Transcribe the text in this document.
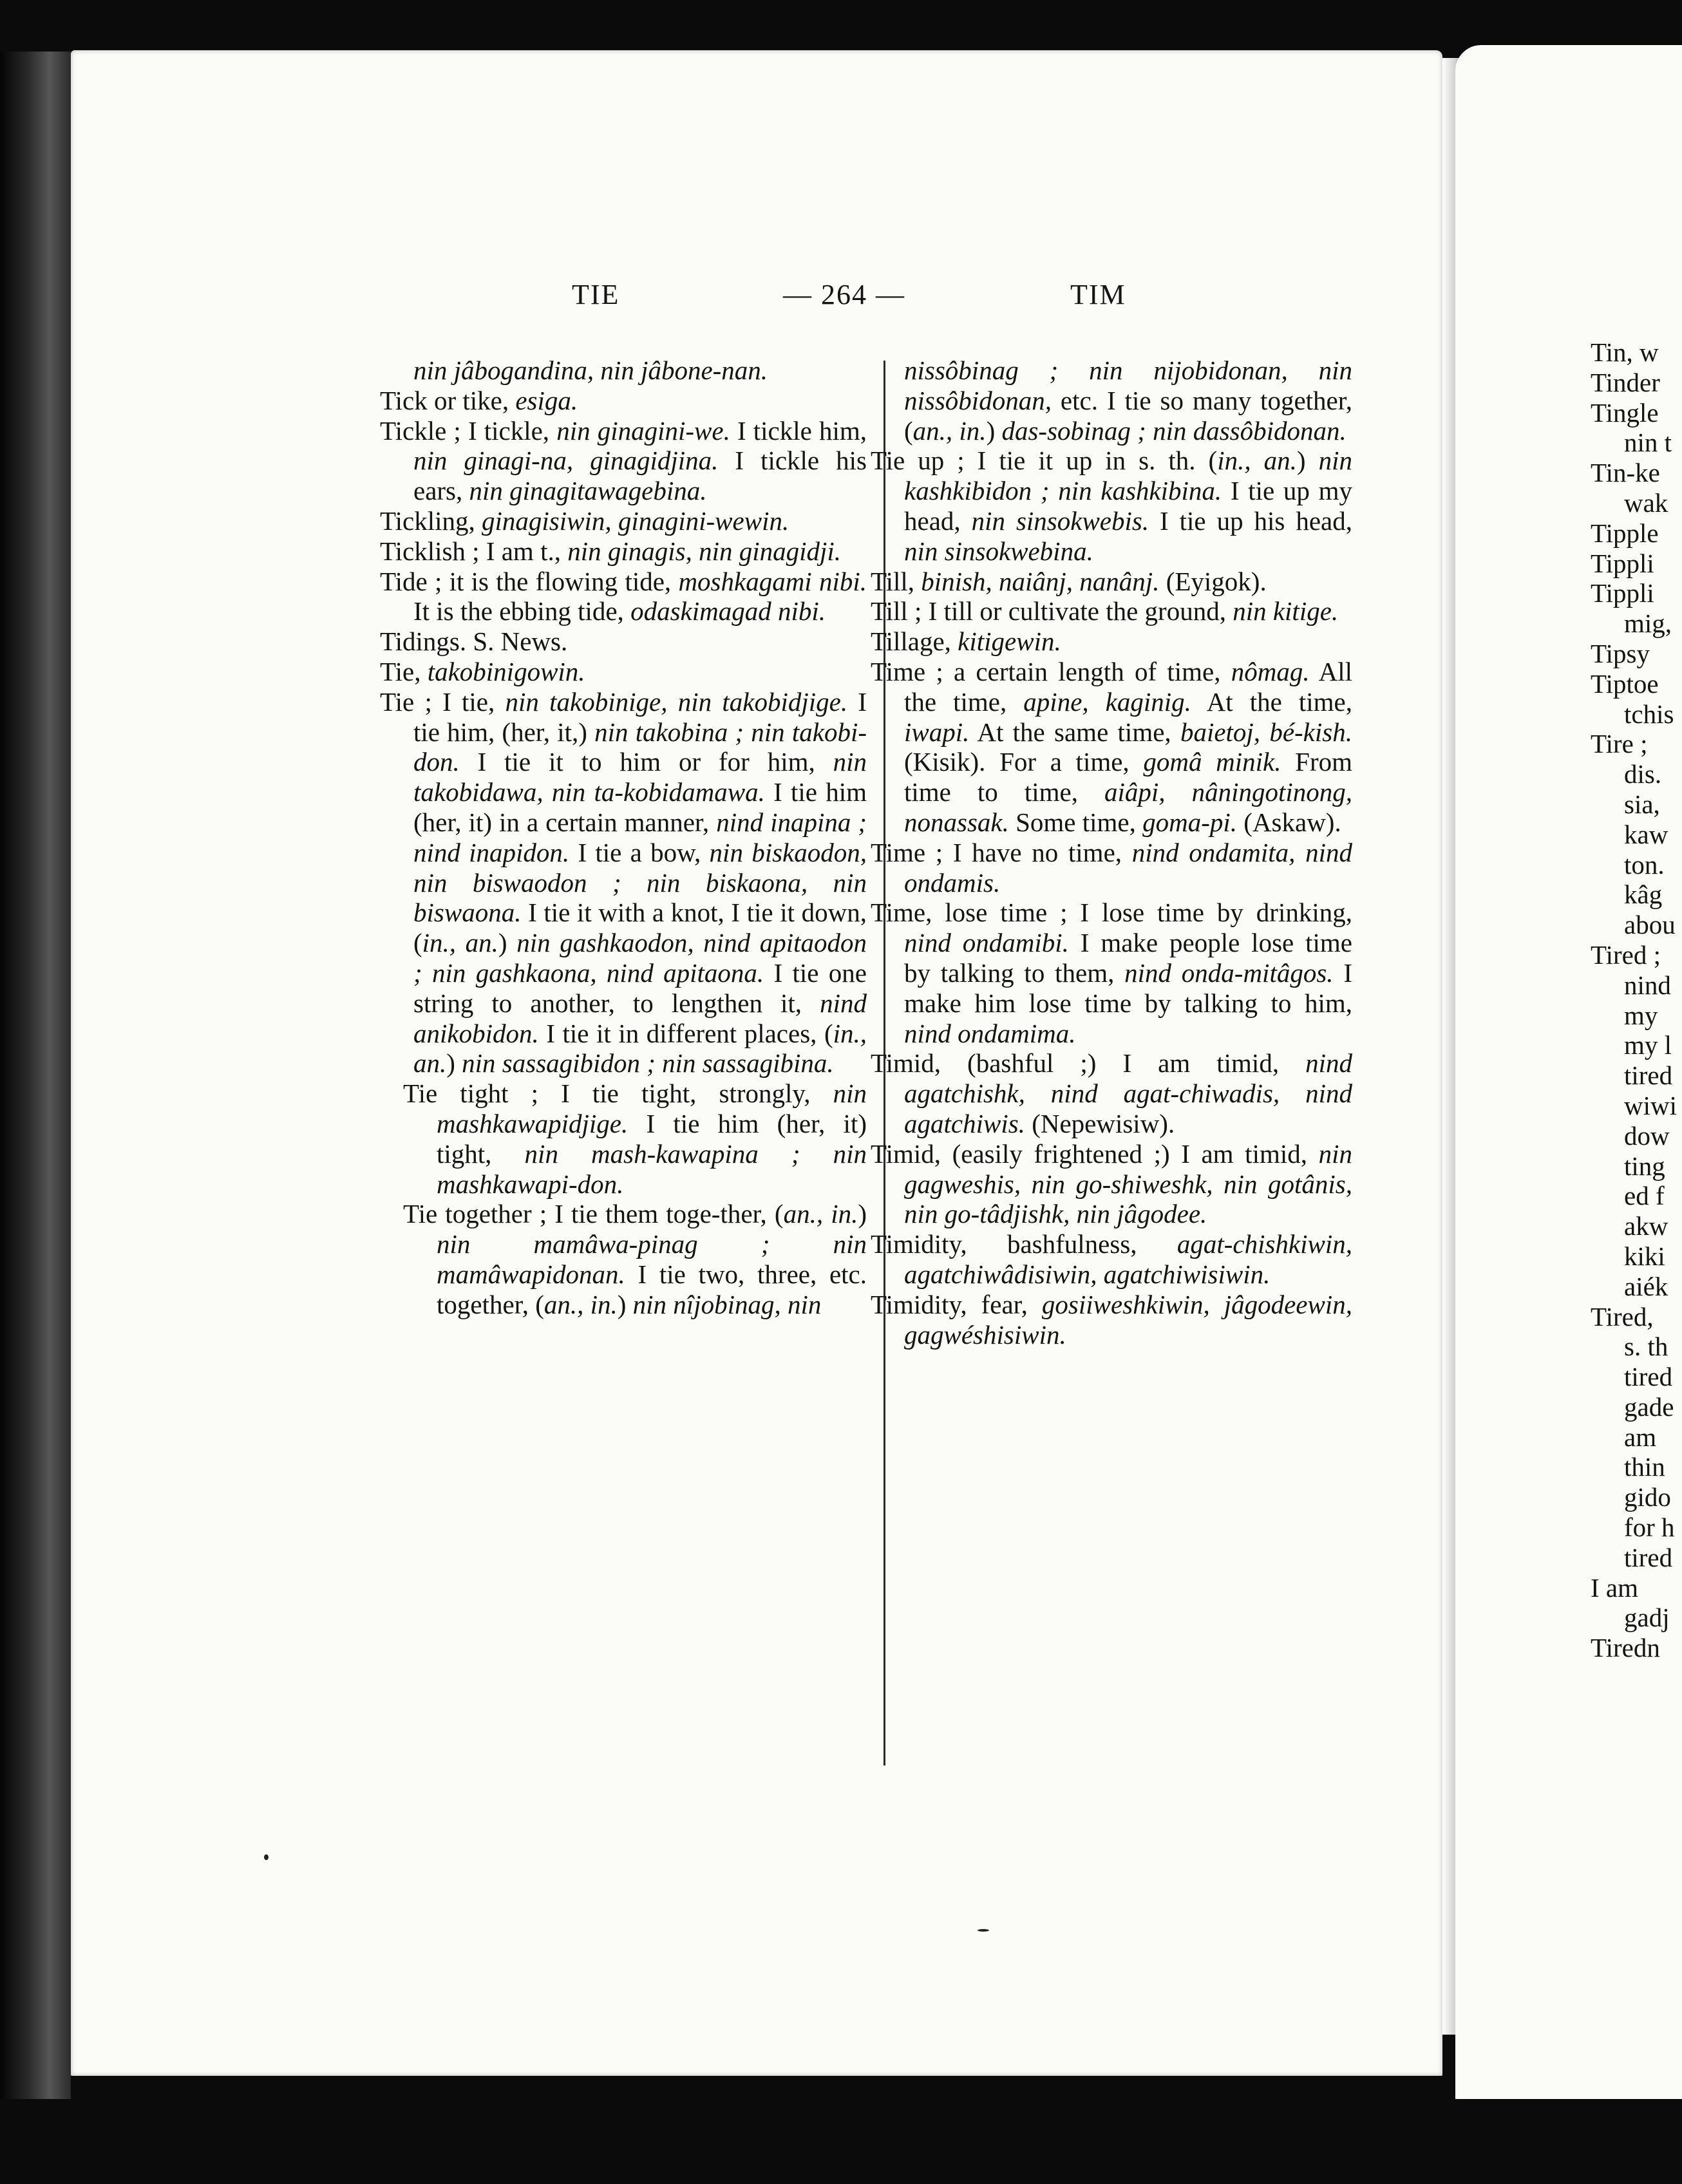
TIE	— 264 —	TIM

nin jâbogandina, nin jâbone-nan.

Tick or tike, esiga.

Tickle ; I tickle, nin ginagini-we. I tickle him, nin ginagi-na, ginagidjina. I tickle his ears, nin ginagitawagebina.

Tickling, ginagisiwin, ginagini-wewin.

Ticklish ; I am t., nin ginagis, nin ginagidji.

Tide ; it is the flowing tide, moshkagami nibi. It is the ebbing tide, odaskimagad nibi.

Tidings. S. News.

Tie, takobinigowin.

Tie ; I tie, nin takobinige, nin takobidjige. I tie him, (her, it,) nin takobina ; nin takobi-don. I tie it to him or for him, nin takobidawa, nin ta-kobidamawa. I tie him (her, it) in a certain manner, nind inapina ; nind inapidon. I tie a bow, nin biskaodon, nin biswaodon ; nin biskaona, nin biswaona. I tie it with a knot, I tie it down, (in., an.) nin gashkaodon, nind apitaodon ; nin gashkaona, nind apitaona. I tie one string to another, to lengthen it, nind anikobidon. I tie it in different places, (in., an.) nin sassagibidon ; nin sassagibina.

Tie tight ; I tie tight, strongly, nin mashkawapidjige. I tie him (her, it) tight, nin mash-kawapina ; nin mashkawapi-don.

Tie together ; I tie them toge-ther, (an., in.) nin mamâwa-pinag ; nin mamâwapidonan. I tie two, three, etc. together, (an., in.) nin nîjobinag, nin

nissôbinag ; nin nijobidonan, nin nissôbidonan, etc. I tie so many together, (an., in.) das-sobinag ; nin dassôbidonan.

Tie up ; I tie it up in s. th. (in., an.) nin kashkibidon ; nin kashkibina. I tie up my head, nin sinsokwebis. I tie up his head, nin sinsokwebina.

Till, binish, naiânj, nanânj. (Eyigok).

Till ; I till or cultivate the ground, nin kitige.

Tillage, kitigewin.

Time ; a certain length of time, nômag. All the time, apine, kaginig. At the time, iwapi. At the same time, baietoj, bé-kish. (Kisik). For a time, gomâ minik. From time to time, aiâpi, nâningotinong, nonassak. Some time, goma-pi. (Askaw).

Time ; I have no time, nind ondamita, nind ondamis.

Time, lose time ; I lose time by drinking, nind ondamibi. I make people lose time by talking to them, nind onda-mitâgos. I make him lose time by talking to him, nind ondamima.

Timid, (bashful ;) I am timid, nind agatchishk, nind agat-chiwadis, nind agatchiwis. (Nepewisiw).

Timid, (easily frightened ;) I am timid, nin gagweshis, nin go-shiweshk, nin gotânis, nin go-tâdjishk, nin jâgodee.

Timidity, bashfulness, agat-chishkiwin, agatchiwâdisiwin, agatchiwisiwin.

Timidity, fear, gosiiweshkiwin, jâgodeewin, gagwéshisiwin.

Tin, w
Tinder
Tingle
nin t
Tin-ke
wak
Tipple
Tippli
Tippli
mig,
Tipsy
Tiptoe
tchis
Tire ;
dis.
sia,
kaw
ton.
kâg
abou
Tired ;
nind
my
my l
tired
wiwi
dow
ting
ed f
akw
kiki
aiék
Tired,
s. th
tired
gade
am
thin
gido
for h
tired
I am
gadj
Tiredn
